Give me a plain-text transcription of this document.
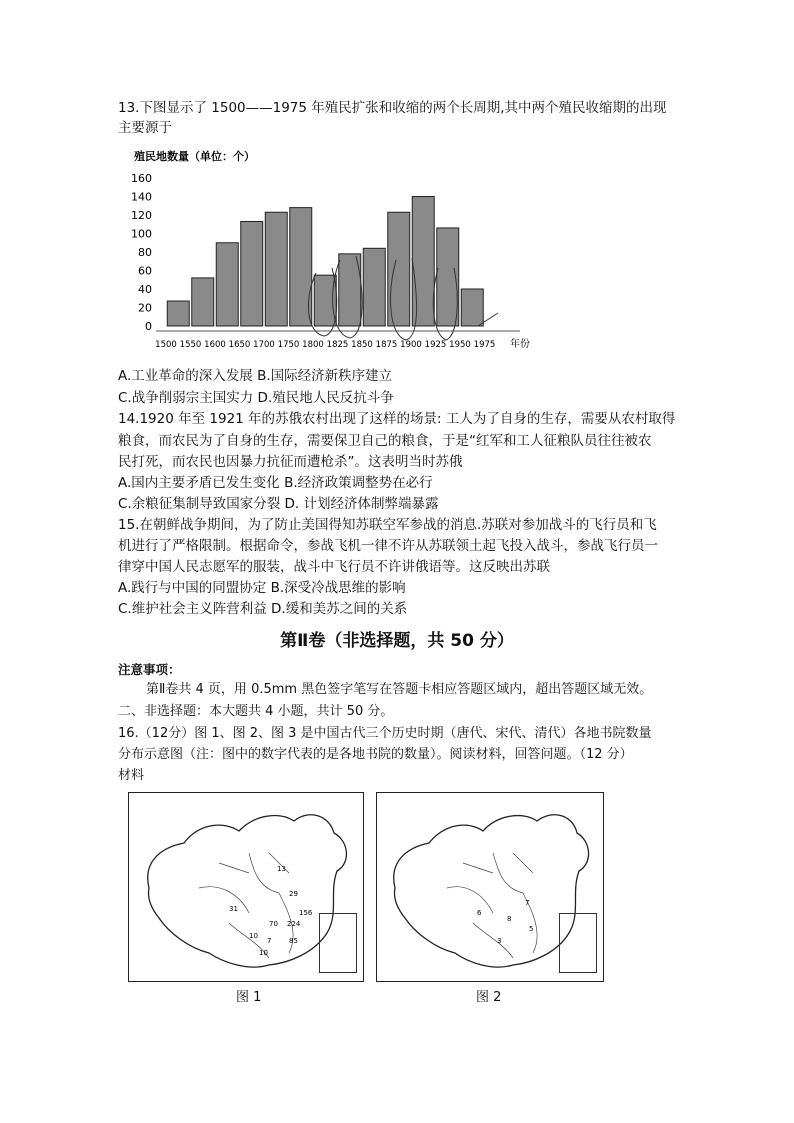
13.下图显示了 1500——1975 年殖民扩张和收缩的两个长周期,其中两个殖民收缩期的出现
主要源于
殖民地数量（单位：个）
0
20
40
60
80
100
120
140
160
1500 1550 1600 1650 1700 1750 1800 1825 1850 1875 1900 1925 1950 1975 年份
A.工业革命的深入发展 B.国际经济新秩序建立
C.战争削弱宗主国实力 D.殖民地人民反抗斗争
14.1920 年至 1921 年的苏俄农村出现了这样的场景: 工人为了自身的生存，需要从农村取得
粮食，而农民为了自身的生存，需要保卫自己的粮食，于是“红军和工人征粮队员往往被农
民打死，而农民也因暴力抗征而遭枪杀”。这表明当时苏俄
A.国内主要矛盾已发生变化 B.经济政策调整势在必行
C.余粮征集制导致国家分裂 D. 计划经济体制弊端暴露
15.在朝鲜战争期间，为了防止美国得知苏联空军参战的消息.苏联对参加战斗的飞行员和飞
机进行了严格限制。根据命令，参战飞机一律不许从苏联领土起飞投入战斗，参战飞行员一
律穿中国人民志愿军的服装，战斗中飞行员不许讲俄语等。这反映出苏联
A.践行与中国的同盟协定 B.深受冷战思维的影响
C.维护社会主义阵营利益 D.缓和美苏之间的关系
第Ⅱ卷（非选择题，共 50 分）
注意事项：
第Ⅱ卷共 4 页，用 0.5mm 黑色签字笔写在答题卡相应答题区域内，超出答题区域无效。
二、非选择题：本大题共 4 小题，共计 50 分。
16.（12分）图 1、图 2、图 3 是中国古代三个历史时期（唐代、宋代、清代）各地书院数量
分布示意图（注：图中的数字代表的是各地书院的数量）。阅读材料，回答问题。（12 分）
材料
31
13
29
156
70 224
10
85
7
10
6
8
7
5
3
图 1	图 2
